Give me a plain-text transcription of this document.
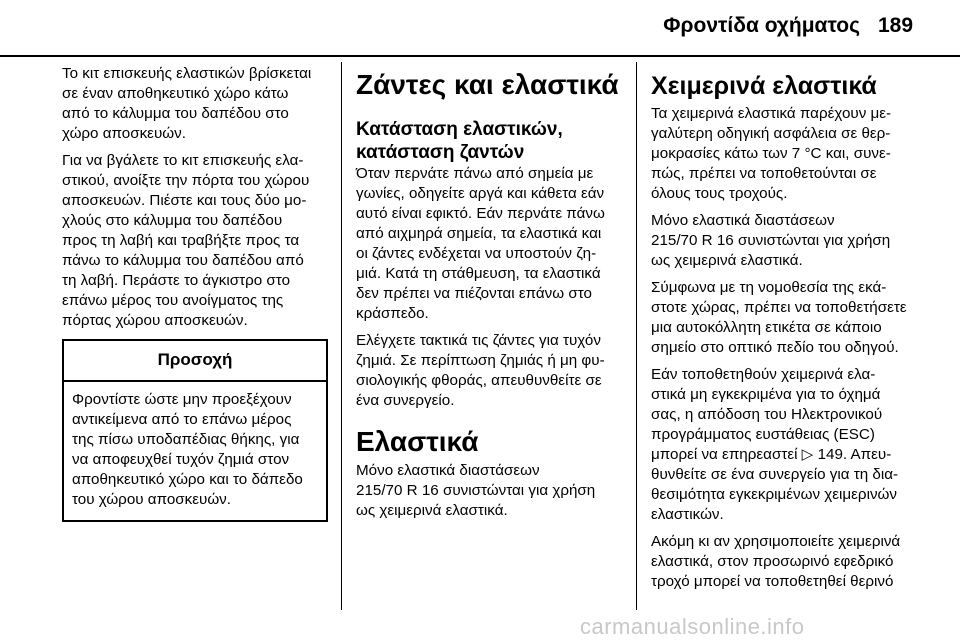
Φροντίδα οχήματος 189

Το κιτ επισκευής ελαστικών βρίσκεται
σε έναν αποθηκευτικό χώρο κάτω
από το κάλυμμα του δαπέδου στο
χώρο αποσκευών.

Για να βγάλετε το κιτ επισκευής ελα-
στικού, ανοίξτε την πόρτα του χώρου
αποσκευών. Πιέστε και τους δύο μο-
χλούς στο κάλυμμα του δαπέδου
προς τη λαβή και τραβήξτε προς τα
πάνω το κάλυμμα του δαπέδου από
τη λαβή. Περάστε το άγκιστρο στο
επάνω μέρος του ανοίγματος της
πόρτας χώρου αποσκευών.

Προσοχή
Φροντίστε ώστε μην προεξέχουν
αντικείμενα από το επάνω μέρος
της πίσω υποδαπέδιας θήκης, για
να αποφευχθεί τυχόν ζημιά στον
αποθηκευτικό χώρο και το δάπεδο
του χώρου αποσκευών.
Ζάντες και ελαστικά
Κατάσταση ελαστικών,
κατάσταση ζαντών

Όταν περνάτε πάνω από σημεία με
γωνίες, οδηγείτε αργά και κάθετα εάν
αυτό είναι εφικτό. Εάν περνάτε πάνω
από αιχμηρά σημεία, τα ελαστικά και
οι ζάντες ενδέχεται να υποστούν ζη-
μιά. Κατά τη στάθμευση, τα ελαστικά
δεν πρέπει να πιέζονται επάνω στο
κράσπεδο.

Ελέγχετε τακτικά τις ζάντες για τυχόν
ζημιά. Σε περίπτωση ζημιάς ή μη φυ-
σιολογικής φθοράς, απευθυνθείτε σε
ένα συνεργείο.

Ελαστικά

Μόνο ελαστικά διαστάσεων
215/70 R 16 συνιστώνται για χρήση
ως χειμερινά ελαστικά.

Χειμερινά ελαστικά

Τα χειμερινά ελαστικά παρέχουν με-
γαλύτερη οδηγική ασφάλεια σε θερ-
μοκρασίες κάτω των 7 °C και, συνε-
πώς, πρέπει να τοποθετούνται σε
όλους τους τροχούς.

Μόνο ελαστικά διαστάσεων
215/70 R 16 συνιστώνται για χρήση
ως χειμερινά ελαστικά.

Σύμφωνα με τη νομοθεσία της εκά-
στοτε χώρας, πρέπει να τοποθετήσετε
μια αυτοκόλλητη ετικέτα σε κάποιο
σημείο στο οπτικό πεδίο του οδηγού.

Εάν τοποθετηθούν χειμερινά ελα-
στικά μη εγκεκριμένα για το όχημά
σας, η απόδοση του Ηλεκτρονικού
προγράμματος ευστάθειας (ESC)
μπορεί να επηρεαστεί ▷ 149. Απευ-
θυνθείτε σε ένα συνεργείο για τη δια-
θεσιμότητα εγκεκριμένων χειμερινών
ελαστικών.

Ακόμη κι αν χρησιμοποιείτε χειμερινά
ελαστικά, στον προσωρινό εφεδρικό
τροχό μπορεί να τοποθετηθεί θερινό

carmanualsonline.info
